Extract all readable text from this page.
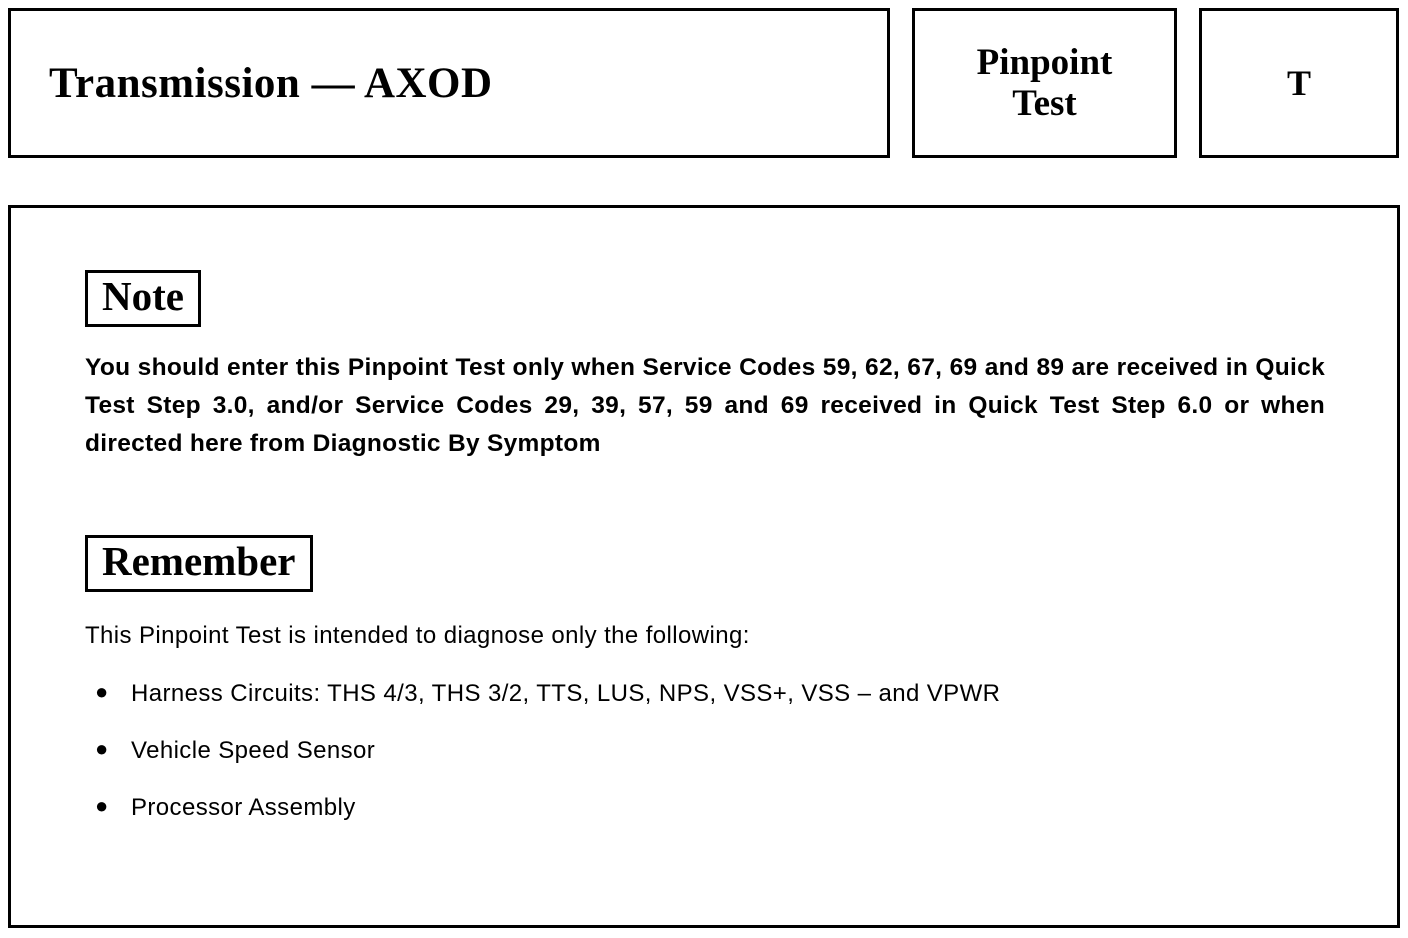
Transmission — AXOD	Pinpoint
Test	T
Note

You should enter this Pinpoint Test only when Service Codes 59, 62, 67, 69 and 89 are received in Quick Test Step 3.0, and/or Service Codes 29, 39, 57, 59 and 69 received in Quick Test Step 6.0 or when directed here from Diagnostic By Symptom

Remember

This Pinpoint Test is intended to diagnose only the following:

● Harness Circuits: THS 4/3, THS 3/2, TTS, LUS, NPS, VSS+, VSS – and VPWR
● Vehicle Speed Sensor
● Processor Assembly
